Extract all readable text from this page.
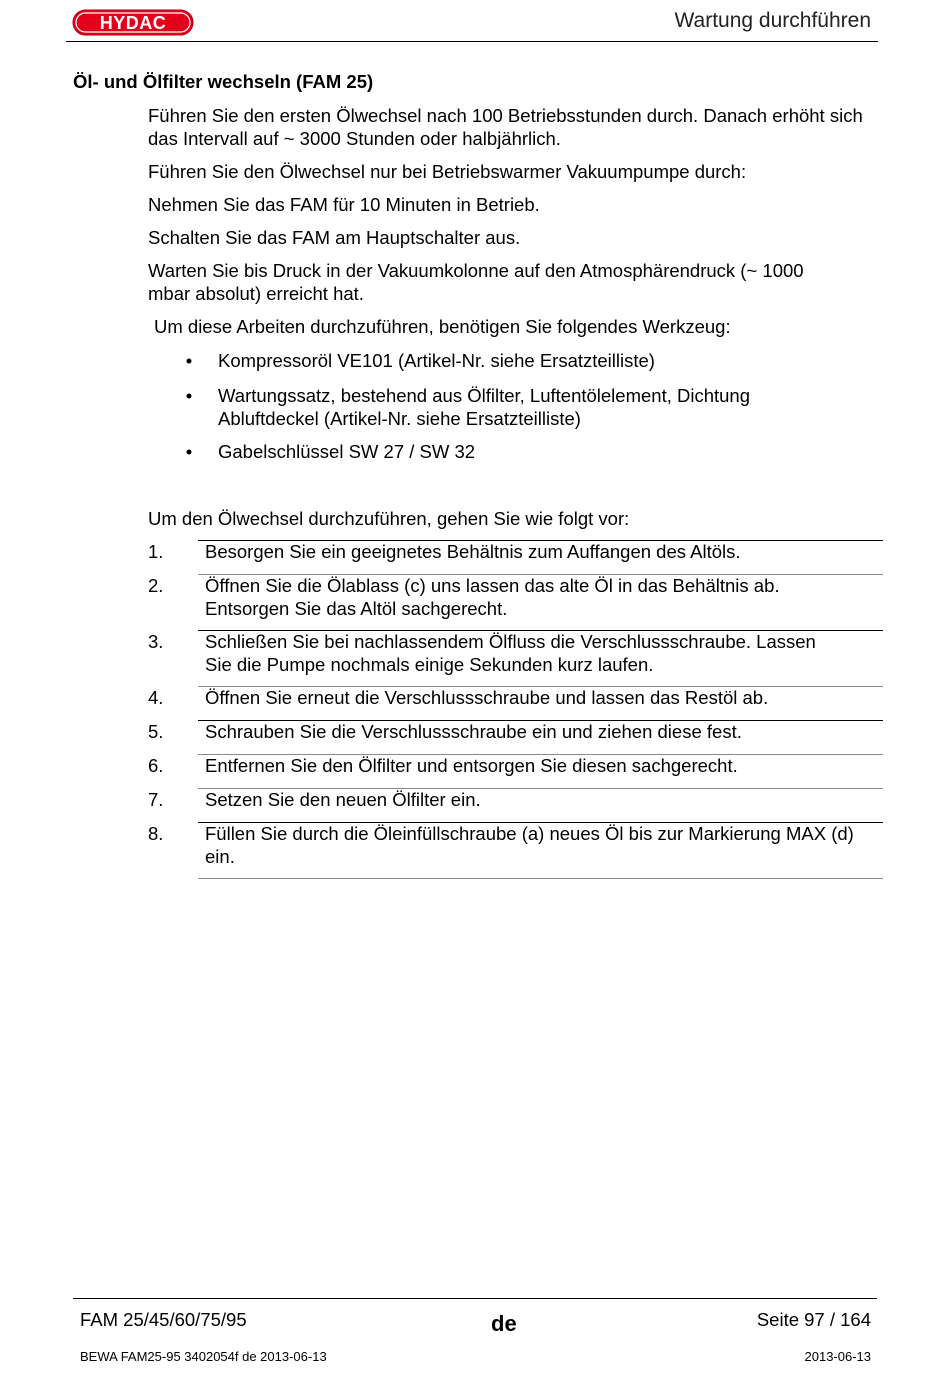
HYDAC	Wartung durchführen
Öl- und Ölfilter wechseln (FAM 25)
Führen Sie den ersten Ölwechsel nach 100 Betriebsstunden durch. Danach erhöht sich das Intervall auf ~ 3000 Stunden oder halbjährlich.
Führen Sie den Ölwechsel nur bei Betriebswarmer Vakuumpumpe durch:
Nehmen Sie das FAM für 10 Minuten in Betrieb.
Schalten Sie das FAM am Hauptschalter aus.
Warten Sie bis Druck in der Vakuumkolonne auf den Atmosphärendruck (~ 1000 mbar absolut) erreicht hat.
Um diese Arbeiten durchzuführen, benötigen Sie folgendes Werkzeug:
• Kompressoröl VE101 (Artikel-Nr. siehe Ersatzteilliste)
• Wartungssatz, bestehend aus Ölfilter, Luftentölelement, Dichtung Abluftdeckel (Artikel-Nr. siehe Ersatzteilliste)
• Gabelschlüssel SW 27 / SW 32
Um den Ölwechsel durchzuführen, gehen Sie wie folgt vor:
1.	Besorgen Sie ein geeignetes Behältnis zum Auffangen des Altöls.
2.	Öffnen Sie die Ölablass (c) uns lassen das alte Öl in das Behältnis ab. Entsorgen Sie das Altöl sachgerecht.
3.	Schließen Sie bei nachlassendem Ölfluss die Verschlussschraube. Lassen Sie die Pumpe nochmals einige Sekunden kurz laufen.
4.	Öffnen Sie erneut die Verschlussschraube und lassen das Restöl ab.
5.	Schrauben Sie die Verschlussschraube ein und ziehen diese fest.
6.	Entfernen Sie den Ölfilter und entsorgen Sie diesen sachgerecht.
7.	Setzen Sie den neuen Ölfilter ein.
8.	Füllen Sie durch die Öleinfüllschraube (a) neues Öl bis zur Markierung MAX (d) ein.
FAM 25/45/60/75/95	de	Seite 97 / 164
BEWA FAM25-95 3402054f de 2013-06-13	2013-06-13
